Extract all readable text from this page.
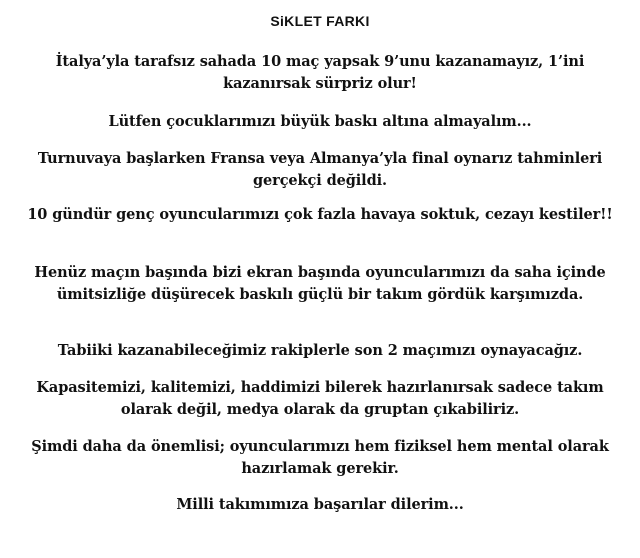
SiKLET FARKI

İtalya’yla tarafsız sahada 10 maç yapsak 9’unu kazanamayız, 1’ini kazanırsak sürpriz olur!

Lütfen çocuklarımızı büyük baskı altına almayalım...

Turnuvaya başlarken Fransa veya Almanya’yla final oynarız tahminleri gerçekçi değildi.

10 gündür genç oyuncularımızı çok fazla havaya soktuk, cezayı kestiler!!

Henüz maçın başında bizi ekran başında oyuncularımızı da saha içinde ümitsizliğe düşürecek baskılı güçlü bir takım gördük karşımızda.

Tabiiki kazanabileceğimiz rakiplerle son 2 maçımızı oynayacağız.

Kapasitemizi, kalitemizi, haddimizi bilerek hazırlanırsak sadece takım olarak değil, medya olarak da gruptan çıkabiliriz.

Şimdi daha da önemlisi; oyuncularımızı hem fiziksel hem mental olarak hazırlamak gerekir.

Milli takımımıza başarılar dilerim...
